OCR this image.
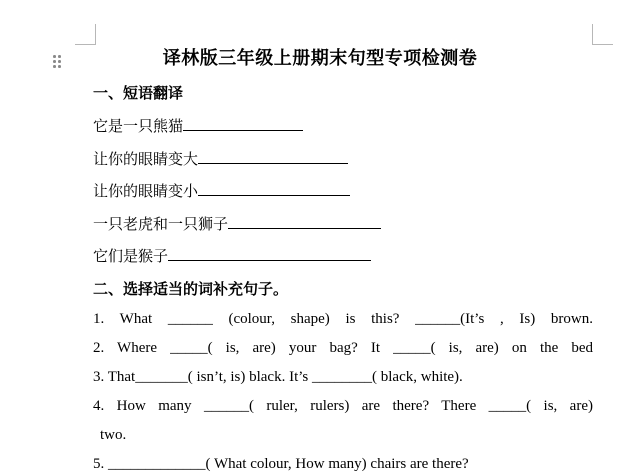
译林版三年级上册期末句型专项检测卷
一、短语翻译
它是一只熊猫
让你的眼睛变大
让你的眼睛变小
一只老虎和一只狮子
它们是猴子
二、选择适当的词补充句子。
1. What ______ (colour, shape) is this? ______(It’s , Is) brown.
2. Where _____( is, are) your bag? It _____( is, are) on the bed
3. That_______( isn’t, is) black. It’s ________( black, white).
4. How many ______( ruler, rulers) are there? There _____( is, are)
two.
5. _____________( What colour, How many) chairs are there?
